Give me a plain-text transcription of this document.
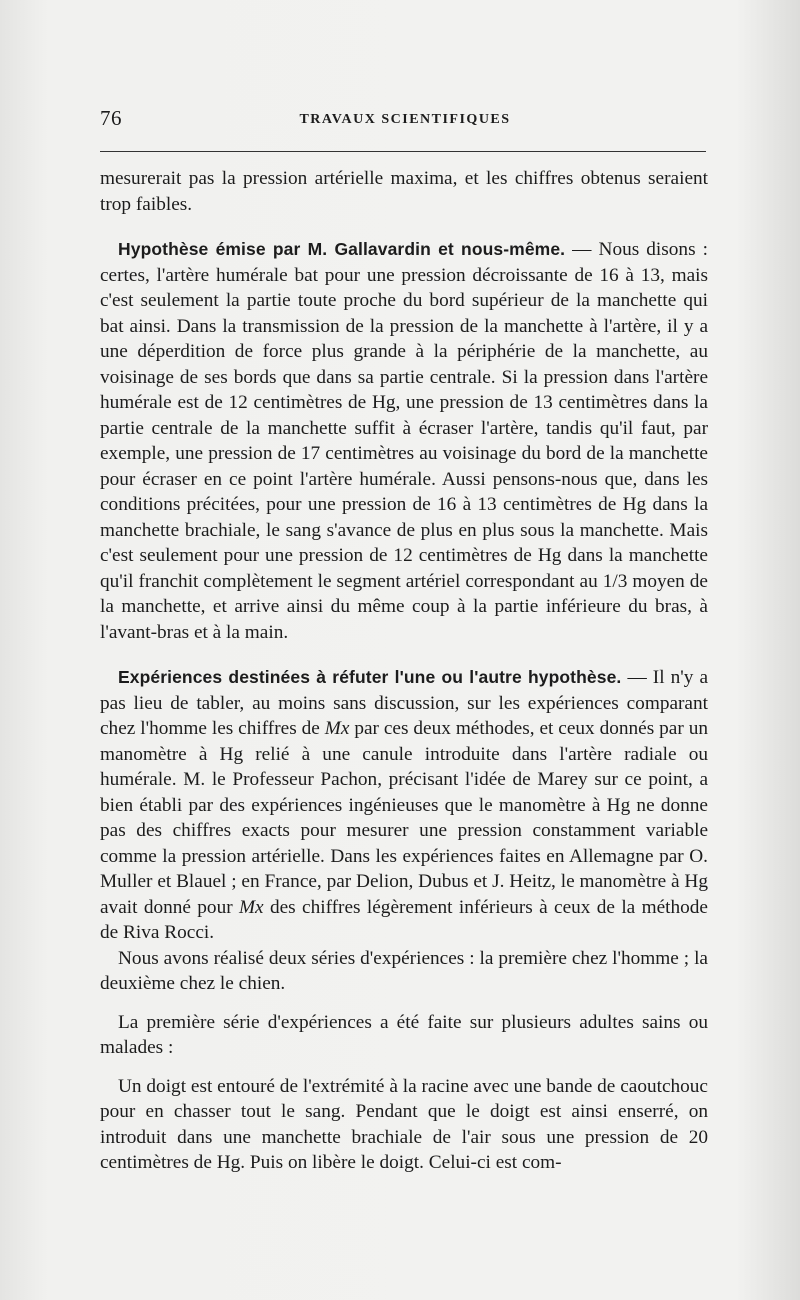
76	TRAVAUX SCIENTIFIQUES

mesurerait pas la pression artérielle maxima, et les chiffres obtenus seraient trop faibles.

Hypothèse émise par M. Gallavardin et nous-même. — Nous disons : certes, l'artère humérale bat pour une pression décroissante de 16 à 13, mais c'est seulement la partie toute proche du bord supérieur de la manchette qui bat ainsi. Dans la transmission de la pression de la manchette à l'artère, il y a une déperdition de force plus grande à la périphérie de la manchette, au voisinage de ses bords que dans sa partie centrale. Si la pression dans l'artère humérale est de 12 centimètres de Hg, une pression de 13 centimètres dans la partie centrale de la manchette suffit à écraser l'artère, tandis qu'il faut, par exemple, une pression de 17 centimètres au voisinage du bord de la manchette pour écraser en ce point l'artère humérale. Aussi pensons-nous que, dans les conditions précitées, pour une pression de 16 à 13 centimètres de Hg dans la manchette brachiale, le sang s'avance de plus en plus sous la manchette. Mais c'est seulement pour une pression de 12 centimètres de Hg dans la manchette qu'il franchit complètement le segment artériel correspondant au 1/3 moyen de la manchette, et arrive ainsi du même coup à la partie inférieure du bras, à l'avant-bras et à la main.

Expériences destinées à réfuter l'une ou l'autre hypothèse. — Il n'y a pas lieu de tabler, au moins sans discussion, sur les expériences comparant chez l'homme les chiffres de Mx par ces deux méthodes, et ceux donnés par un manomètre à Hg relié à une canule introduite dans l'artère radiale ou humérale. M. le Professeur Pachon, précisant l'idée de Marey sur ce point, a bien établi par des expériences ingénieuses que le manomètre à Hg ne donne pas des chiffres exacts pour mesurer une pression constamment variable comme la pression artérielle. Dans les expériences faites en Allemagne par O. Muller et Blauel ; en France, par Delion, Dubus et J. Heitz, le manomètre à Hg avait donné pour Mx des chiffres légèrement inférieurs à ceux de la méthode de Riva Rocci.

Nous avons réalisé deux séries d'expériences : la première chez l'homme ; la deuxième chez le chien.

La première série d'expériences a été faite sur plusieurs adultes sains ou malades :

Un doigt est entouré de l'extrémité à la racine avec une bande de caoutchouc pour en chasser tout le sang. Pendant que le doigt est ainsi enserré, on introduit dans une manchette brachiale de l'air sous une pression de 20 centimètres de Hg. Puis on libère le doigt. Celui-ci est com-
